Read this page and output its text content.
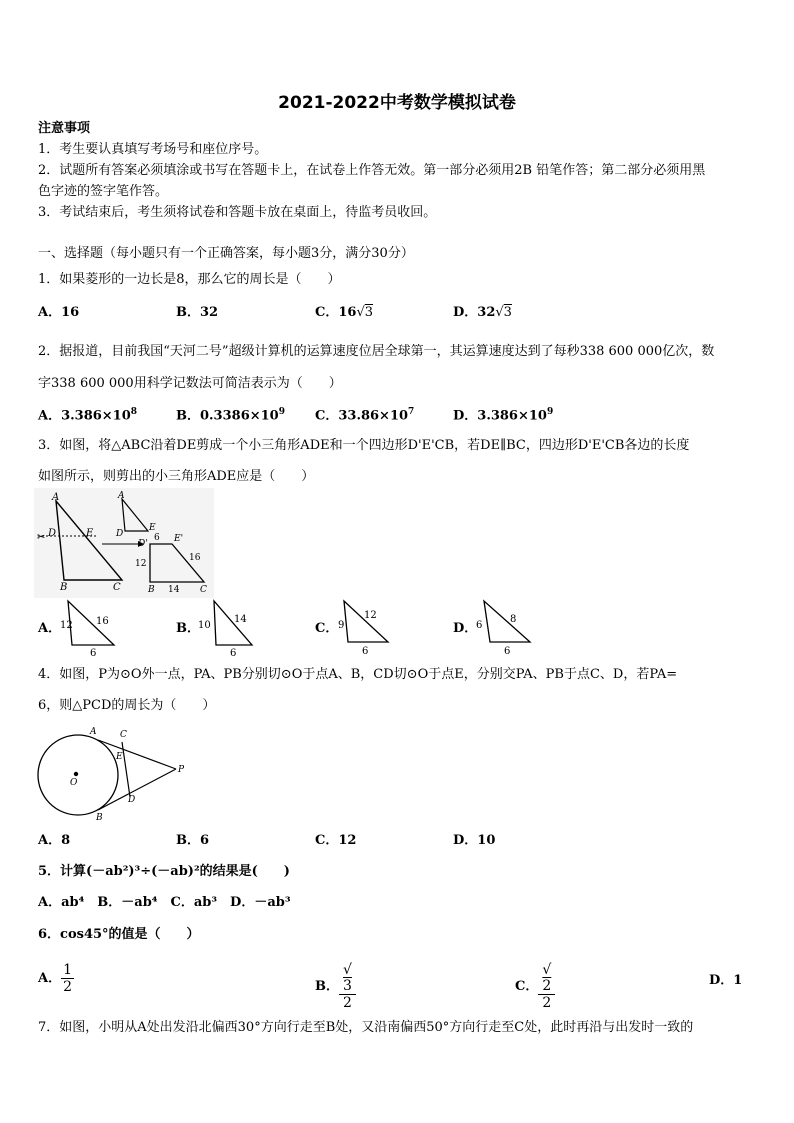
2021-2022中考数学模拟试卷
注意事项
1．考生要认真填写考场号和座位序号。
2．试题所有答案必须填涂或书写在答题卡上，在试卷上作答无效。第一部分必须用2B 铅笔作答；第二部分必须用黑
色字迹的签字笔作答。
3．考试结束后，考生须将试卷和答题卡放在桌面上，待监考员收回。
一、选择题（每小题只有一个正确答案，每小题3分，满分30分）
1．如果菱形的一边长是8，那么它的周长是（　　）
A．16	B．32	C．16√3	D．32√3
2．据报道，目前我国“天河二号”超级计算机的运算速度位居全球第一，其运算速度达到了每秒338 600 000亿次，数
字338 600 000用科学记数法可简洁表示为（　　）
A．$3.386\times 10^8$	B．$0.3386\times 10^9$ C．$33.86\times 10^7$	D．$3.386\times 10^9$
3．如图，将△ABC沿着DE剪成一个小三角形ADE和一个四边形D'E'CB，若DE∥BC，四边形D'E'CB各边的长度
如图所示，则剪出的小三角形ADE应是（　　）
✂
A
D	E
B	C
A
D
E
D'	E'
6
12
16
14
B	C
A．
12 16
6
B．
10
14
6
C． 9
12
6
D．
6
8
6
4．如图，P为⊙O外一点，PA、PB分别切⊙O于点A、B，CD切⊙O于点E，分别交PA、PB于点C、D，若PA=
6，则△PCD的周长为（　　）
A	C
E
D
B
P
O
A．8	B．6	C．12	D．10
5．计算(－ab²)³÷(－ab)²的结果是(　　)
A．ab⁴　B．－ab⁴　C．ab³　D．－ab³
6．cos45°的值是（　　）
A． $\frac{1}{2}$	B． √
3
2	C． √
2
2	D．1
7．如图，小明从A处出发沿北偏西30°方向行走至B处，又沿南偏西50°方向行走至C处，此时再沿与出发时一致的
